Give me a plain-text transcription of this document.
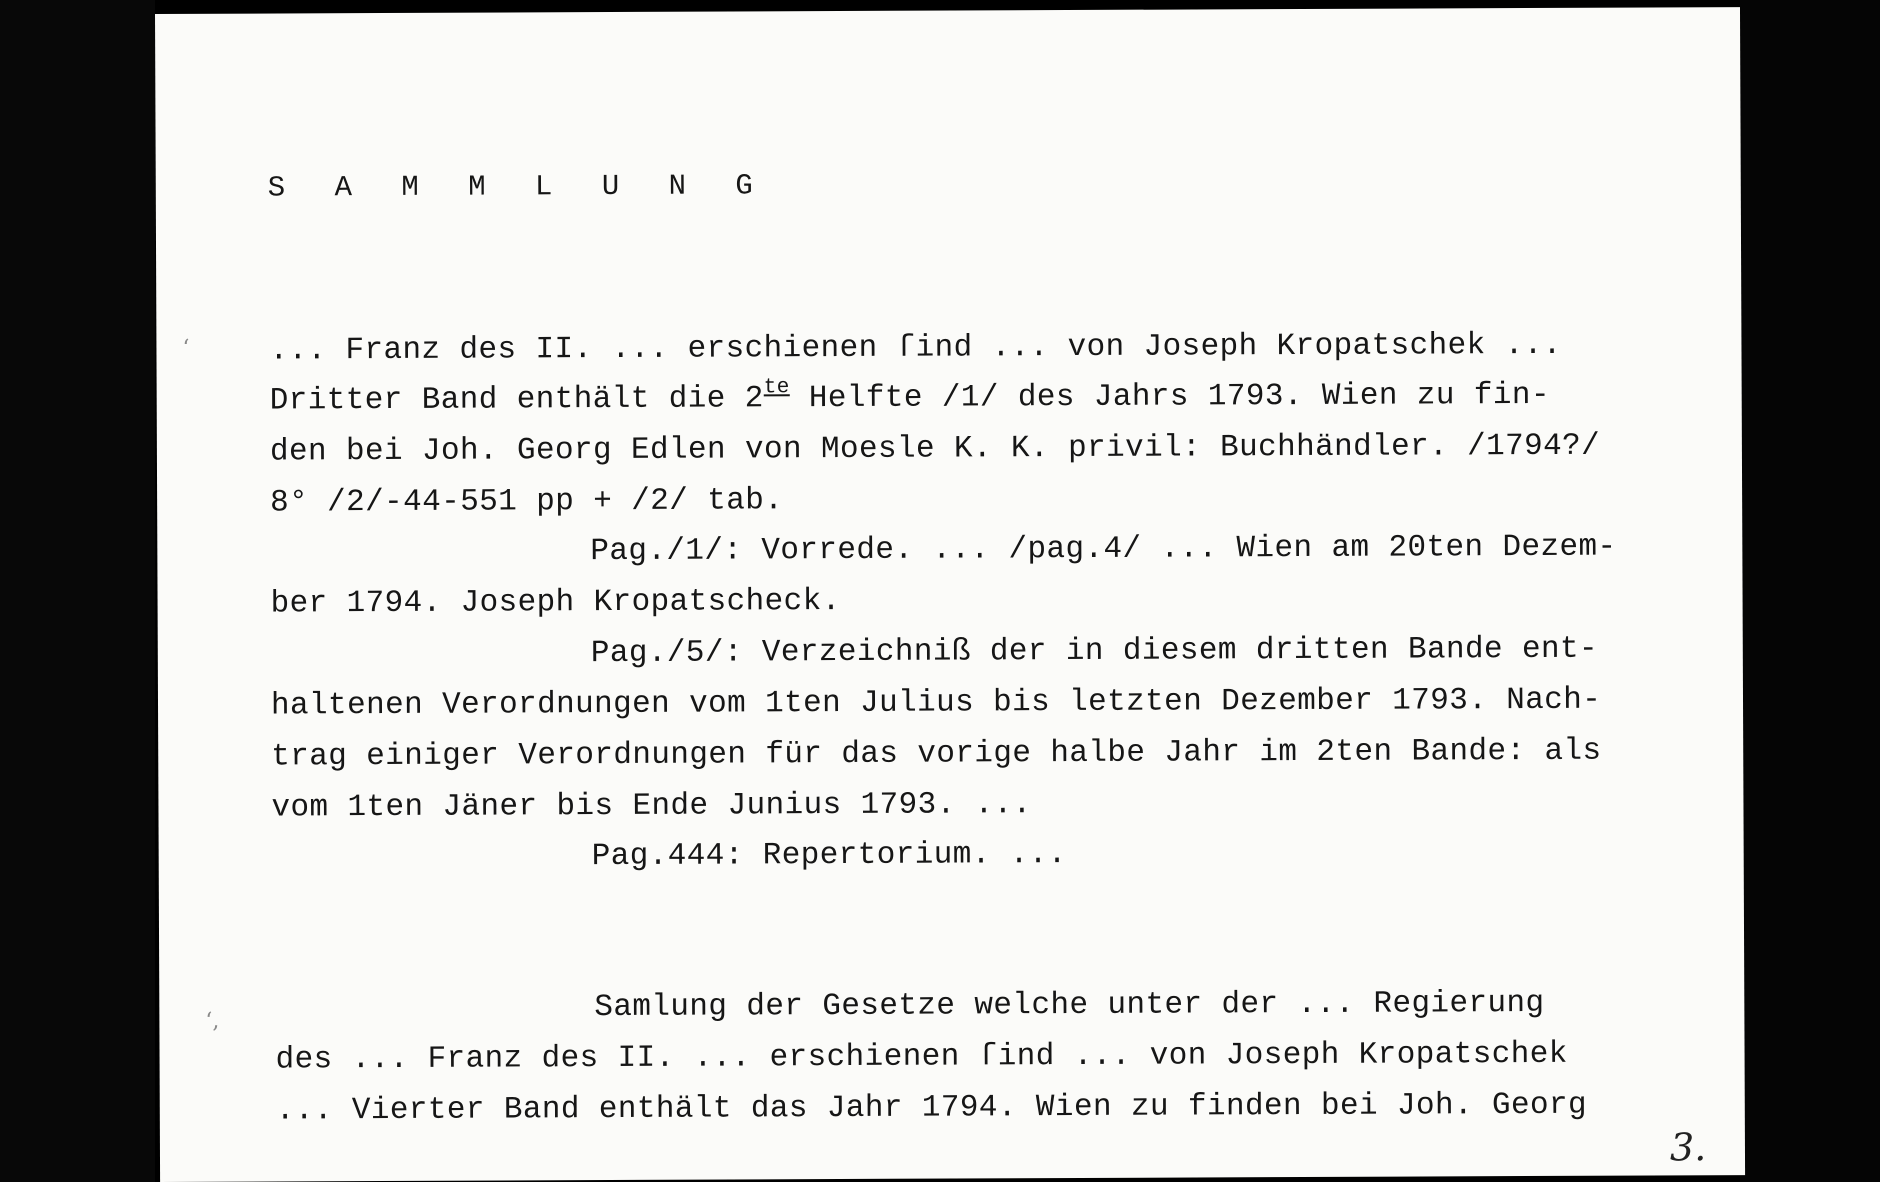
S A M M L U N G
ʻ	... Franz des II. ... erschienen ſind ... von Joseph Kropatschek ...
Dritter Band enthält die $2^{te}$ Helfte /1/ des Jahrs 1793. Wien zu fin-
den bei Joh. Georg Edlen von Moesle K. K. privil: Buchhändler. /1794?/
8° /2/-44-551 pp + /2/ tab.
Pag./1/: Vorrede. ... /pag.4/ ... Wien am 20ten Dezem-
ber 1794. Joseph Kropatscheck.
Pag./5/: Verzeichniß der in diesem dritten Bande ent-
haltenen Verordnungen vom 1ten Julius bis letzten Dezember 1793. Nach-
trag einiger Verordnungen für das vorige halbe Jahr im 2ten Bande: als
vom 1ten Jäner bis Ende Junius 1793. ...
Pag.444: Repertorium. ...
ʻ,	Samlung der Gesetze welche unter der ... Regierung
des ... Franz des II. ... erschienen ſind ... von Joseph Kropatschek
... Vierter Band enthält das Jahr 1794. Wien zu finden bei Joh. Georg
3.
